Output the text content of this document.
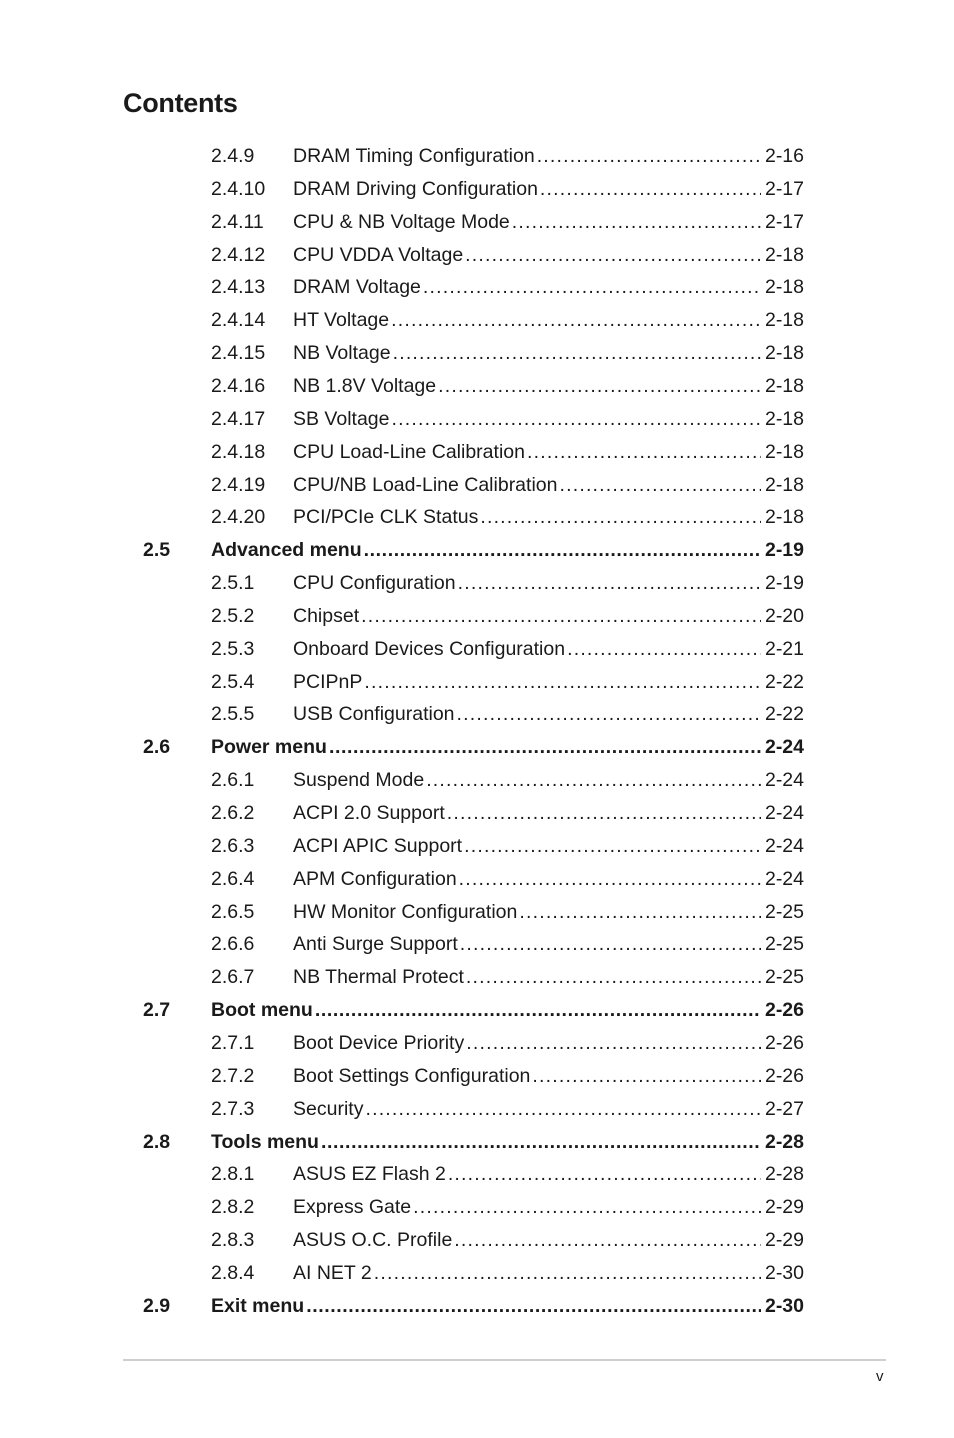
Contents
2.4.9 DRAM Timing Configuration .....	2-16
2.4.10 DRAM Driving Configuration .....	2-17
2.4.11 CPU & NB Voltage Mode .....	2-17
2.4.12 CPU VDDA Voltage .....	2-18
2.4.13 DRAM Voltage .....	2-18
2.4.14 HT Voltage .....	2-18
2.4.15 NB Voltage .....	2-18
2.4.16 NB 1.8V Voltage .....	2-18
2.4.17 SB Voltage .....	2-18
2.4.18 CPU Load-Line Calibration .....	2-18
2.4.19 CPU/NB Load-Line Calibration .....	2-18
2.4.20 PCI/PCIe CLK Status .....	2-18
2.5 Advanced menu .....	2-19
2.5.1 CPU Configuration .....	2-19
2.5.2 Chipset .....	2-20
2.5.3 Onboard Devices Configuration .....	2-21
2.5.4 PCIPnP .....	2-22
2.5.5 USB Configuration .....	2-22
2.6 Power menu .....	2-24
2.6.1 Suspend Mode .....	2-24
2.6.2 ACPI 2.0 Support .....	2-24
2.6.3 ACPI APIC Support .....	2-24
2.6.4 APM Configuration .....	2-24
2.6.5 HW Monitor Configuration .....	2-25
2.6.6 Anti Surge Support .....	2-25
2.6.7 NB Thermal Protect .....	2-25
2.7 Boot menu .....	2-26
2.7.1 Boot Device Priority .....	2-26
2.7.2 Boot Settings Configuration .....	2-26
2.7.3 Security .....	2-27
2.8 Tools menu .....	2-28
2.8.1 ASUS EZ Flash 2 .....	2-28
2.8.2 Express Gate .....	2-29
2.8.3 ASUS O.C. Profile .....	2-29
2.8.4 AI NET 2 .....	2-30
2.9 Exit menu .....	2-30
v
